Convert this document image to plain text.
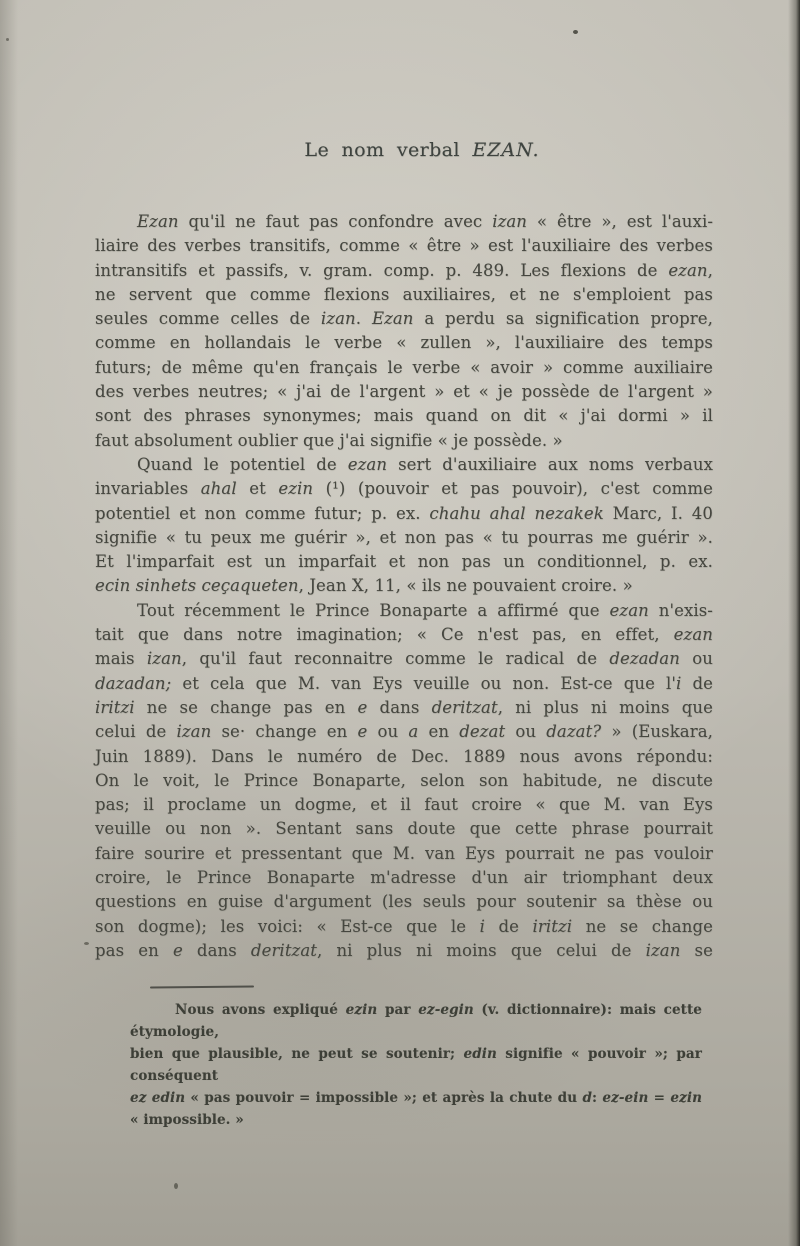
Le nom verbal EZAN.
Ezan qu'il ne faut pas confondre avec izan « être », est l'auxi-
liaire des verbes transitifs, comme « être » est l'auxiliaire des verbes
intransitifs et passifs, v. gram. comp. p. 489. Les flexions de ezan,
ne servent que comme flexions auxiliaires, et ne s'emploient pas
seules comme celles de izan. Ezan a perdu sa signification propre,
comme en hollandais le verbe « zullen », l'auxiliaire des temps
futurs; de même qu'en français le verbe « avoir » comme auxiliaire
des verbes neutres; « j'ai de l'argent » et « je possède de l'argent »
sont des phrases synonymes; mais quand on dit « j'ai dormi » il
faut absolument oublier que j'ai signifie « je possède. »
Quand le potentiel de ezan sert d'auxiliaire aux noms verbaux
invariables ahal et ezin (¹) (pouvoir et pas pouvoir), c'est comme
potentiel et non comme futur; p. ex. chahu ahal nezakek Marc, I. 40
signifie « tu peux me guérir », et non pas « tu pourras me guérir ».
Et l'imparfait est un imparfait et non pas un conditionnel, p. ex.
ecin sinhets ceçaqueten, Jean X, 11, « ils ne pouvaient croire. »
Tout récemment le Prince Bonaparte a affirmé que ezan n'exis-
tait que dans notre imagination; « Ce n'est pas, en effet, ezan
mais izan, qu'il faut reconnaitre comme le radical de dezadan ou
dazadan; et cela que M. van Eys veuille ou non. Est-ce que l'i de
iritzi ne se change pas en e dans deritzat, ni plus ni moins que
celui de izan se· change en e ou a en dezat ou dazat? » (Euskara,
Juin 1889). Dans le numéro de Dec. 1889 nous avons répondu:
On le voit, le Prince Bonaparte, selon son habitude, ne discute
pas; il proclame un dogme, et il faut croire « que M. van Eys
veuille ou non ». Sentant sans doute que cette phrase pourrait
faire sourire et pressentant que M. van Eys pourrait ne pas vouloir
croire, le Prince Bonaparte m'adresse d'un air triomphant deux
questions en guise d'argument (les seuls pour soutenir sa thèse ou
son dogme); les voici: « Est-ce que le i de iritzi ne se change
pas en e dans deritzat, ni plus ni moins que celui de izan se
Nous avons expliqué ezin par ez-egin (v. dictionnaire): mais cette étymologie,
bien que plausible, ne peut se soutenir; edin signifie « pouvoir »; par conséquent
ez edin « pas pouvoir = impossible »; et après la chute du d: ez-ein = ezin
« impossible. »
